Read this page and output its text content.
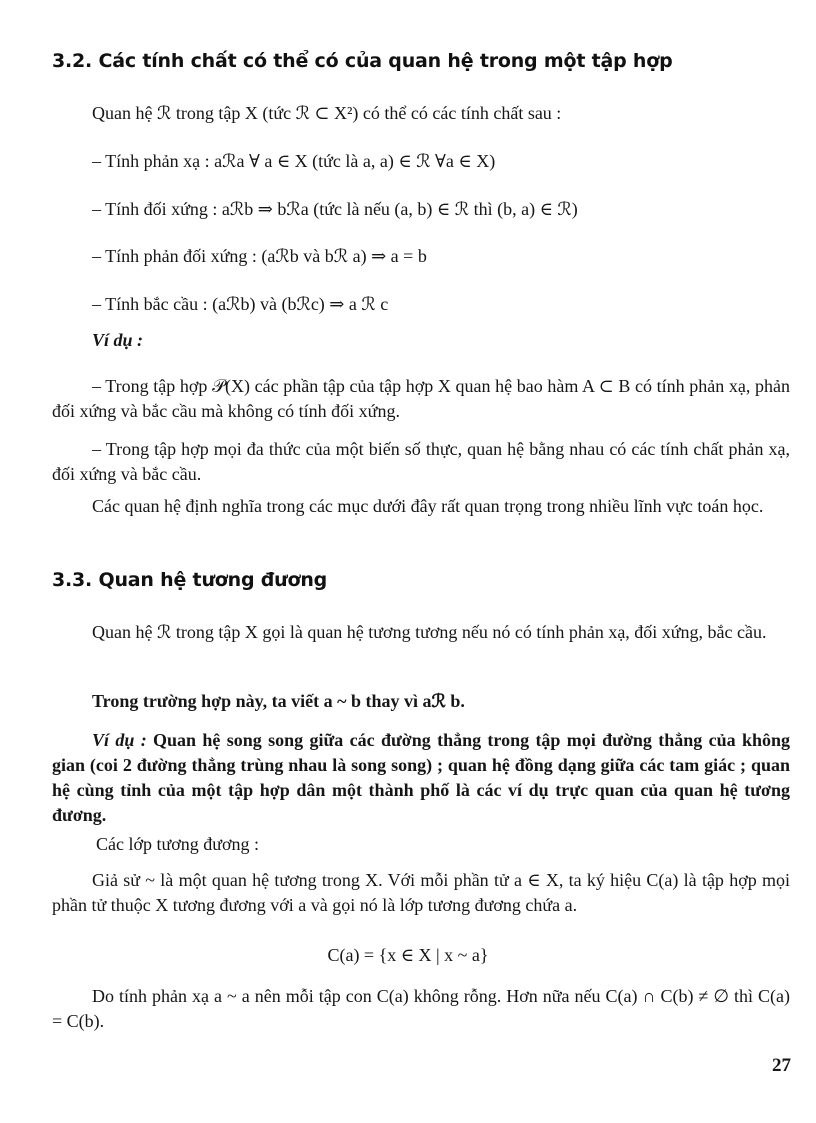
3.2. Các tính chất có thể có của quan hệ trong một tập hợp
Quan hệ ℛ trong tập X (tức ℛ ⊂ X²) có thể có các tính chất sau :
– Tính phản xạ : aℛa ∀ a ∈ X (tức là a, a) ∈ ℛ ∀a ∈ X)
– Tính đối xứng : aℛb ⇒ bℛa (tức là nếu (a, b) ∈ ℛ thì (b, a) ∈ ℛ)
– Tính phản đối xứng : (aℛb và bℛ a) ⇒ a = b
– Tính bắc cầu : (aℛb) và (bℛc) ⇒ a ℛ c
Ví dụ :
– Trong tập hợp 𝒫(X) các phần tập của tập hợp X quan hệ bao hàm A ⊂ B có tính phản xạ, phản đối xứng và bắc cầu mà không có tính đối xứng.
– Trong tập hợp mọi đa thức của một biến số thực, quan hệ bằng nhau có các tính chất phản xạ, đối xứng và bắc cầu.
Các quan hệ định nghĩa trong các mục dưới đây rất quan trọng trong nhiều lĩnh vực toán học.
3.3. Quan hệ tương đương
Quan hệ ℛ trong tập X gọi là quan hệ tương tương nếu nó có tính phản xạ, đối xứng, bắc cầu.
Trong trường hợp này, ta viết a ~ b thay vì aℛ b.
Ví dụ : Quan hệ song song giữa các đường thẳng trong tập mọi đường thẳng của không gian (coi 2 đường thẳng trùng nhau là song song) ; quan hệ đồng dạng giữa các tam giác ; quan hệ cùng tỉnh của một tập hợp dân một thành phố là các ví dụ trực quan của quan hệ tương đương.
Các lớp tương đương :
Giả sử ~ là một quan hệ tương trong X. Với mỗi phần tử a ∈ X, ta ký hiệu C(a) là tập hợp mọi phần tử thuộc X tương đương với a và gọi nó là lớp tương đương chứa a.
C(a) = {x ∈ X | x ~ a}
Do tính phản xạ a ~ a nên mỗi tập con C(a) không rỗng. Hơn nữa nếu C(a) ∩ C(b) ≠ ∅ thì C(a) = C(b).
27
